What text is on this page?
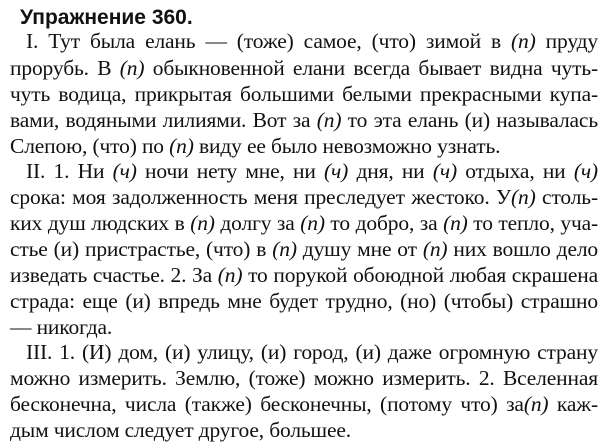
Упражнение 360.
I. Тут была елань — (тоже) самое, (что) зимой в (п) пруду
прорубь. В (п) обыкновенной елани всегда бывает видна чуть-
чуть водица, прикрытая большими белыми прекрасными купа-
вами, водяными лилиями. Вот за (п) то эта елань (и) называлась
Слепою, (что) по (п) виду ее было невозможно узнать.
II. 1. Ни (ч) ночи нету мне, ни (ч) дня, ни (ч) отдыха, ни (ч)
срока: моя задолженность меня преследует жестоко. У(п) столь-
ких душ людских в (п) долгу за (п) то добро, за (п) то тепло, уча-
стье (и) пристрастье, (что) в (п) душу мне от (п) них вошло дело
изведать счастье. 2. За (п) то порукой обоюдной любая скрашена
страда: еще (и) впредь мне будет трудно, (но) (чтобы) страшно
— никогда.
III. 1. (И) дом, (и) улицу, (и) город, (и) даже огромную страну
можно измерить. Землю, (тоже) можно измерить. 2. Вселенная
бесконечна, числа (также) бесконечны, (потому что) за(п) каж-
дым числом следует другое, большее.
